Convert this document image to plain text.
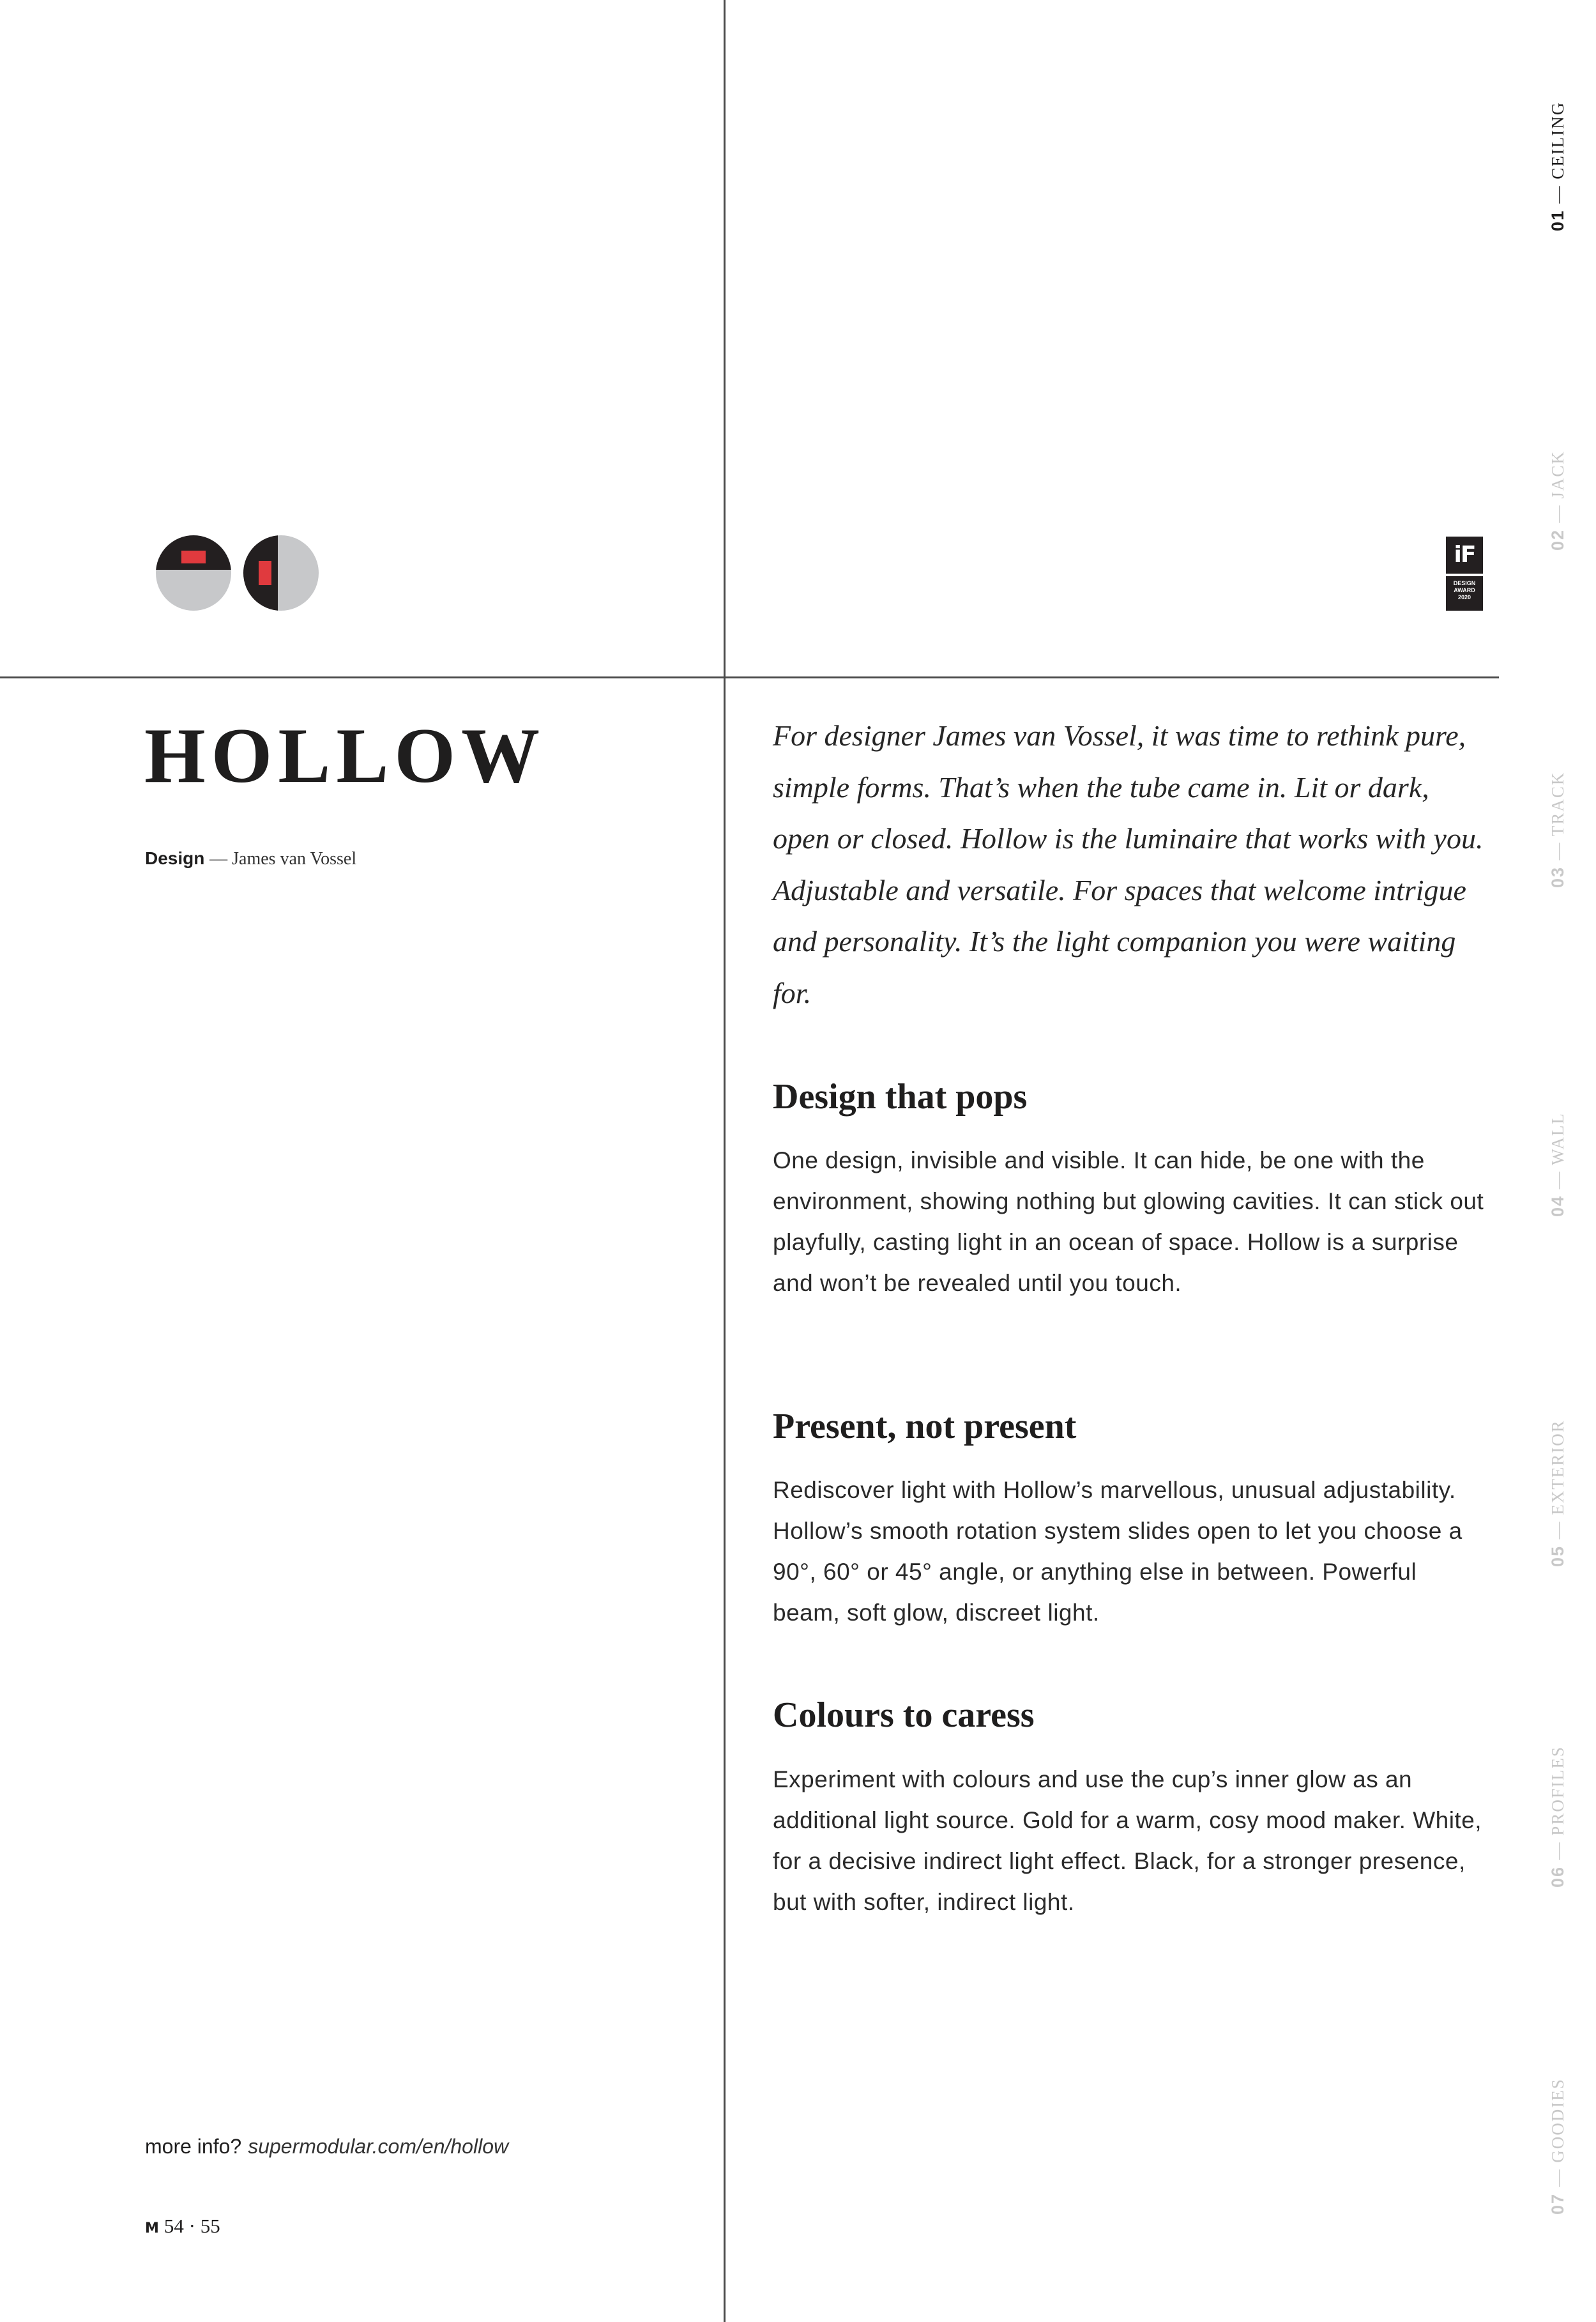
iF
DESIGN
AWARD
2020
01 — CEILING
02 — JACK
03 — TRACK
04 — WALL
05 — EXTERIOR
06 — PROFILES
07 — GOODIES
HOLLOW
Design — James van Vossel
more info? supermodular.com/en/hollow
M 54 · 55

For designer James van Vossel, it was time to rethink pure, simple forms. That’s when the tube came in. Lit or dark, open or closed. Hollow is the luminaire that works with you. Adjustable and versatile. For spaces that welcome intrigue and personality. It’s the light companion you were waiting for.

Design that pops

One design, invisible and visible. It can hide, be one with the environment, showing nothing but glowing cavities. It can stick out playfully, casting light in an ocean of space. Hollow is a surprise and won’t be revealed until you touch.

Present, not present

Rediscover light with Hollow’s marvellous, unusual adjustability. Hollow’s smooth rotation system slides open to let you choose a 90°, 60° or 45° angle, or anything else in between. Powerful beam, soft glow, discreet light.

Colours to caress

Experiment with colours and use the cup’s inner glow as an additional light source. Gold for a warm, cosy mood maker. White, for a decisive indirect light effect. Black, for a stronger presence, but with softer, indirect light.
